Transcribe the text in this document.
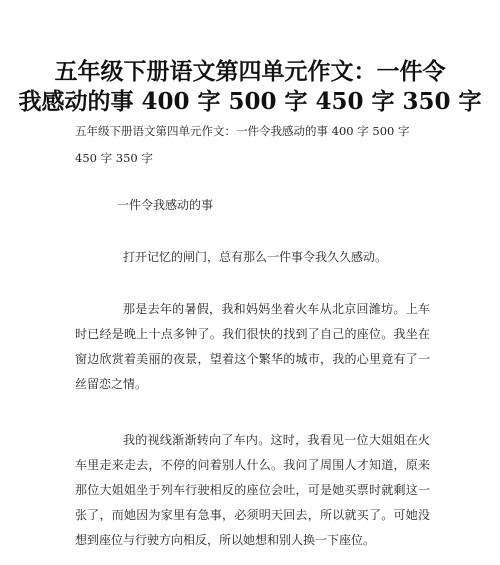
五年级下册语文第四单元作文：一件令
我感动的事 400 字 500 字 450 字 350 字
五年级下册语文第四单元作文：一件令我感动的事 400 字 500 字 450 字 350 字
一件令我感动的事
打开记忆的闸门，总有那么一件事令我久久感动。
那是去年的暑假，我和妈妈坐着火车从北京回潍坊。上车时已经是晚上十点多钟了。我们很快的找到了自己的座位。我坐在窗边欣赏着美丽的夜景，望着这个繁华的城市，我的心里竟有了一丝留恋之情。
我的视线渐渐转向了车内。这时，我看见一位大姐姐在火车里走来走去，不停的问着别人什么。我问了周围人才知道，原来那位大姐姐坐于列车行驶相反的座位会吐，可是她买票时就剩这一张了，而她因为家里有急事，必须明天回去，所以就买了。可她没想到座位与行驶方向相反，所以她想和别人换一下座位。
